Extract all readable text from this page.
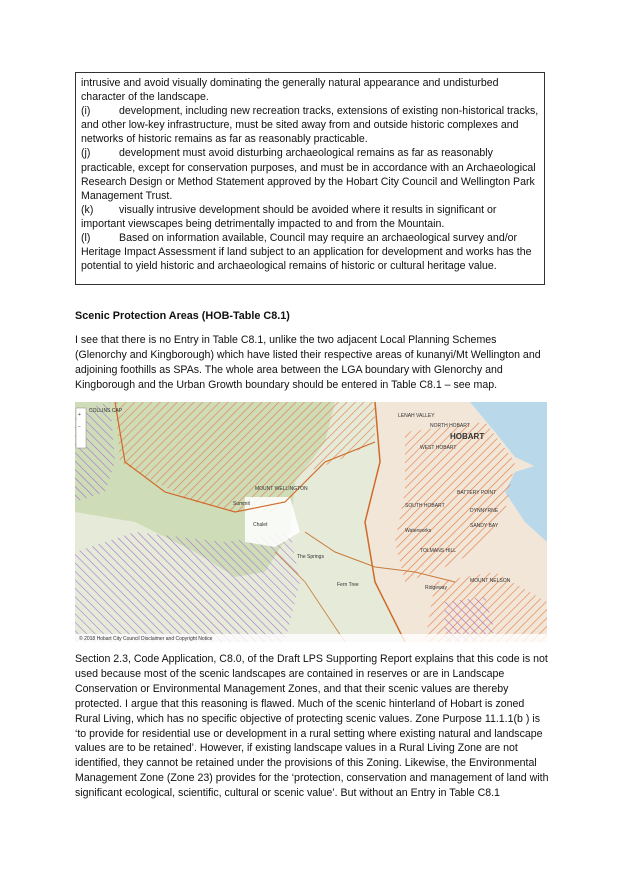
intrusive and avoid visually dominating the generally natural appearance and undisturbed character of the landscape.

(i)	development, including new recreation tracks, extensions of existing non-historical tracks, and other low-key infrastructure, must be sited away from and outside historic complexes and networks of historic remains as far as reasonably practicable.

(j)	development must avoid disturbing archaeological remains as far as reasonably practicable, except for conservation purposes, and must be in accordance with an Archaeological Research Design or Method Statement approved by the Hobart City Council and Wellington Park Management Trust.

(k) visually intrusive development should be avoided where it results in significant or important viewscapes being detrimentally impacted to and from the Mountain.

(l)	Based on information available, Council may require an archaeological survey and/or Heritage Impact Assessment if land subject to an application for development and works has the potential to yield historic and archaeological remains of historic or cultural heritage value.

Scenic Protection Areas (HOB-Table C8.1)

I see that there is no Entry in Table C8.1, unlike the two adjacent Local Planning Schemes (Glenorchy and Kingborough) which have listed their respective areas of kunanyi/Mt Wellington and adjoining foothills as SPAs. The whole area between the LGA boundary with Glenorchy and Kingborough and the Urban Growth boundary should be entered in Table C8.1 – see map.

+
−
HOBART
WEST HOBART
LENAH VALLEY
NORTH HOBART
MOUNT WELLINGTON
BATTERY POINT
SANDY BAY
SOUTH HOBART
DYNNYRNE
Waterworks
TOLMANS HILL
MOUNT NELSON
Ridgeway
Fern Tree
The Springs
Summit
Chalet
COLLINS CAP
© 2018 Hobart City Council Disclaimer and Copyright Notice

Section 2.3, Code Application, C8.0, of the Draft LPS Supporting Report explains that this code is not used because most of the scenic landscapes are contained in reserves or are in Landscape Conservation or Environmental Management Zones, and that their scenic values are thereby protected. I argue that this reasoning is flawed. Much of the scenic hinterland of Hobart is zoned Rural Living, which has no specific objective of protecting scenic values. Zone Purpose 11.1.1(b ) is ‘to provide for residential use or development in a rural setting where existing natural and landscape values are to be retained’. However, if existing landscape values in a Rural Living Zone are not identified, they cannot be retained under the provisions of this Zoning. Likewise, the Environmental Management Zone (Zone 23) provides for the ‘protection, conservation and management of land with significant ecological, scientific, cultural or scenic value’. But without an Entry in Table C8.1
